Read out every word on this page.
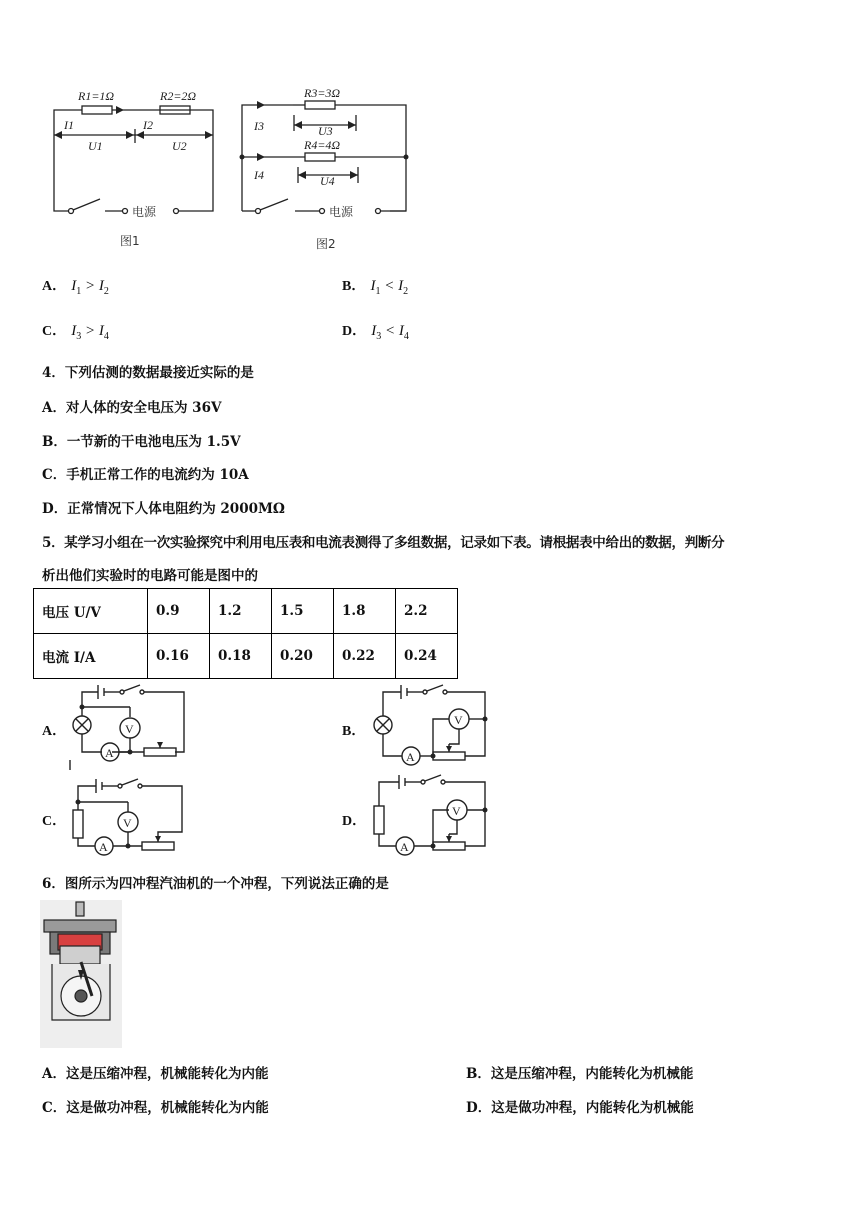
R1=1Ω	R2=2Ω
I1	I2
U1	U2
R3=3Ω
R4=4Ω
I3
I4
U3
U4
电源	电源
图1	图2
A． $I_1 > I_2$	B． $I_1 < I_2$
C． $I_3 > I_4$	D． $I_3 < I_4$
4．下列估测的数据最接近实际的是
A．对人体的安全电压为 36V
B．一节新的干电池电压为 1.5V
C．手机正常工作的电流约为 10A
D．正常情况下人体电阻约为 2000MΩ
5．某学习小组在一次实验探究中利用电压表和电流表测得了多组数据，记录如下表。请根据表中给出的数据，判断分
析出他们实验时的电路可能是图中的
电压 U/V	0.9	1.2	1.5	1.8	2.2
电流 I/A	0.16	0.18	0.20	0.22	0.24
A．	B．
C．	D．
V
A
V
A
V
A
V
A
6．图所示为四冲程汽油机的一个冲程，下列说法正确的是
A．这是压缩冲程，机械能转化为内能	B．这是压缩冲程，内能转化为机械能
C．这是做功冲程，机械能转化为内能	D．这是做功冲程，内能转化为机械能
